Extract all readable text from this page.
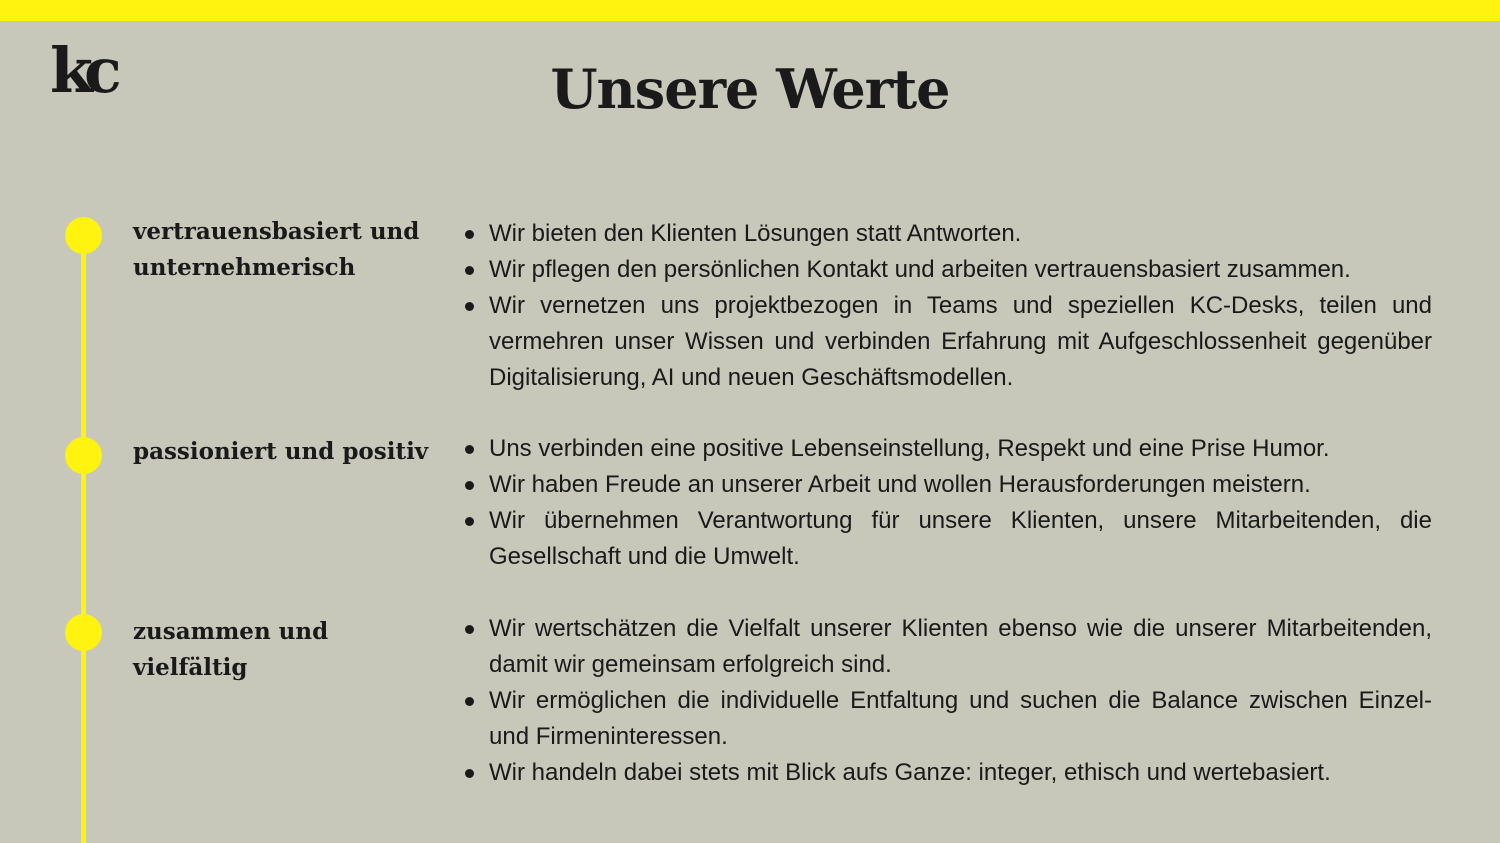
kc	Unsere Werte
vertrauensbasiert und unternehmerisch
Wir bieten den Klienten Lösungen statt Antworten.
Wir pflegen den persönlichen Kontakt und arbeiten vertrauensbasiert zusammen.
Wir vernetzen uns projektbezogen in Teams und speziellen KC-Desks, teilen und vermehren unser Wissen und verbinden Erfahrung mit Aufgeschlossenheit gegenüber Digitalisierung, AI und neuen Geschäftsmodellen.
passioniert und positiv	Uns verbinden eine positive Lebenseinstellung, Respekt und eine Prise Humor.
Wir haben Freude an unserer Arbeit und wollen Herausforderungen meistern.
Wir übernehmen Verantwortung für unsere Klienten, unsere Mitarbeitenden, die Gesellschaft und die Umwelt.
zusammen und vielfältig
Wir wertschätzen die Vielfalt unserer Klienten ebenso wie die unserer Mitarbeitenden, damit wir gemeinsam erfolgreich sind.
Wir ermöglichen die individuelle Entfaltung und suchen die Balance zwischen Einzel- und Firmeninteressen.
Wir handeln dabei stets mit Blick aufs Ganze: integer, ethisch und wertebasiert.
